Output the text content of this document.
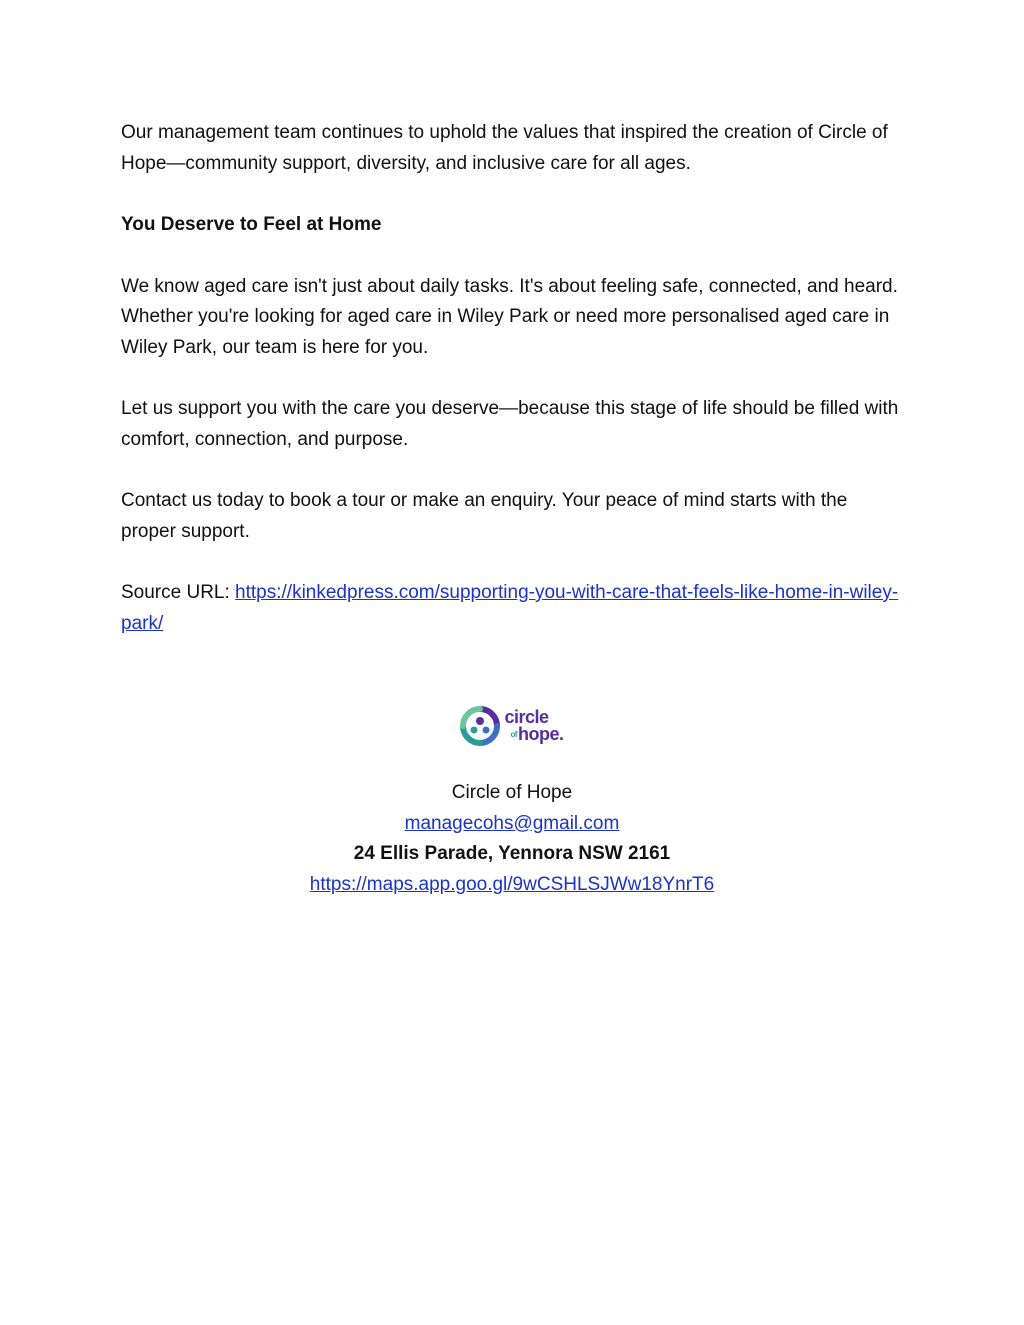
Our management team continues to uphold the values that inspired the creation of Circle of Hope—community support, diversity, and inclusive care for all ages.

You Deserve to Feel at Home

We know aged care isn't just about daily tasks. It's about feeling safe, connected, and heard. Whether you're looking for aged care in Wiley Park or need more personalised aged care in Wiley Park, our team is here for you.

Let us support you with the care you deserve—because this stage of life should be filled with comfort, connection, and purpose.

Contact us today to book a tour or make an enquiry. Your peace of mind starts with the proper support.

Source URL: https://kinkedpress.com/supporting-you-with-care-that-feels-like-home-in-wiley-park/

circle
$^{of}$hope.
Circle of Hope
managecohs@gmail.com
24 Ellis Parade, Yennora NSW 2161
https://maps.app.goo.gl/9wCSHLSJWw18YnrT6
